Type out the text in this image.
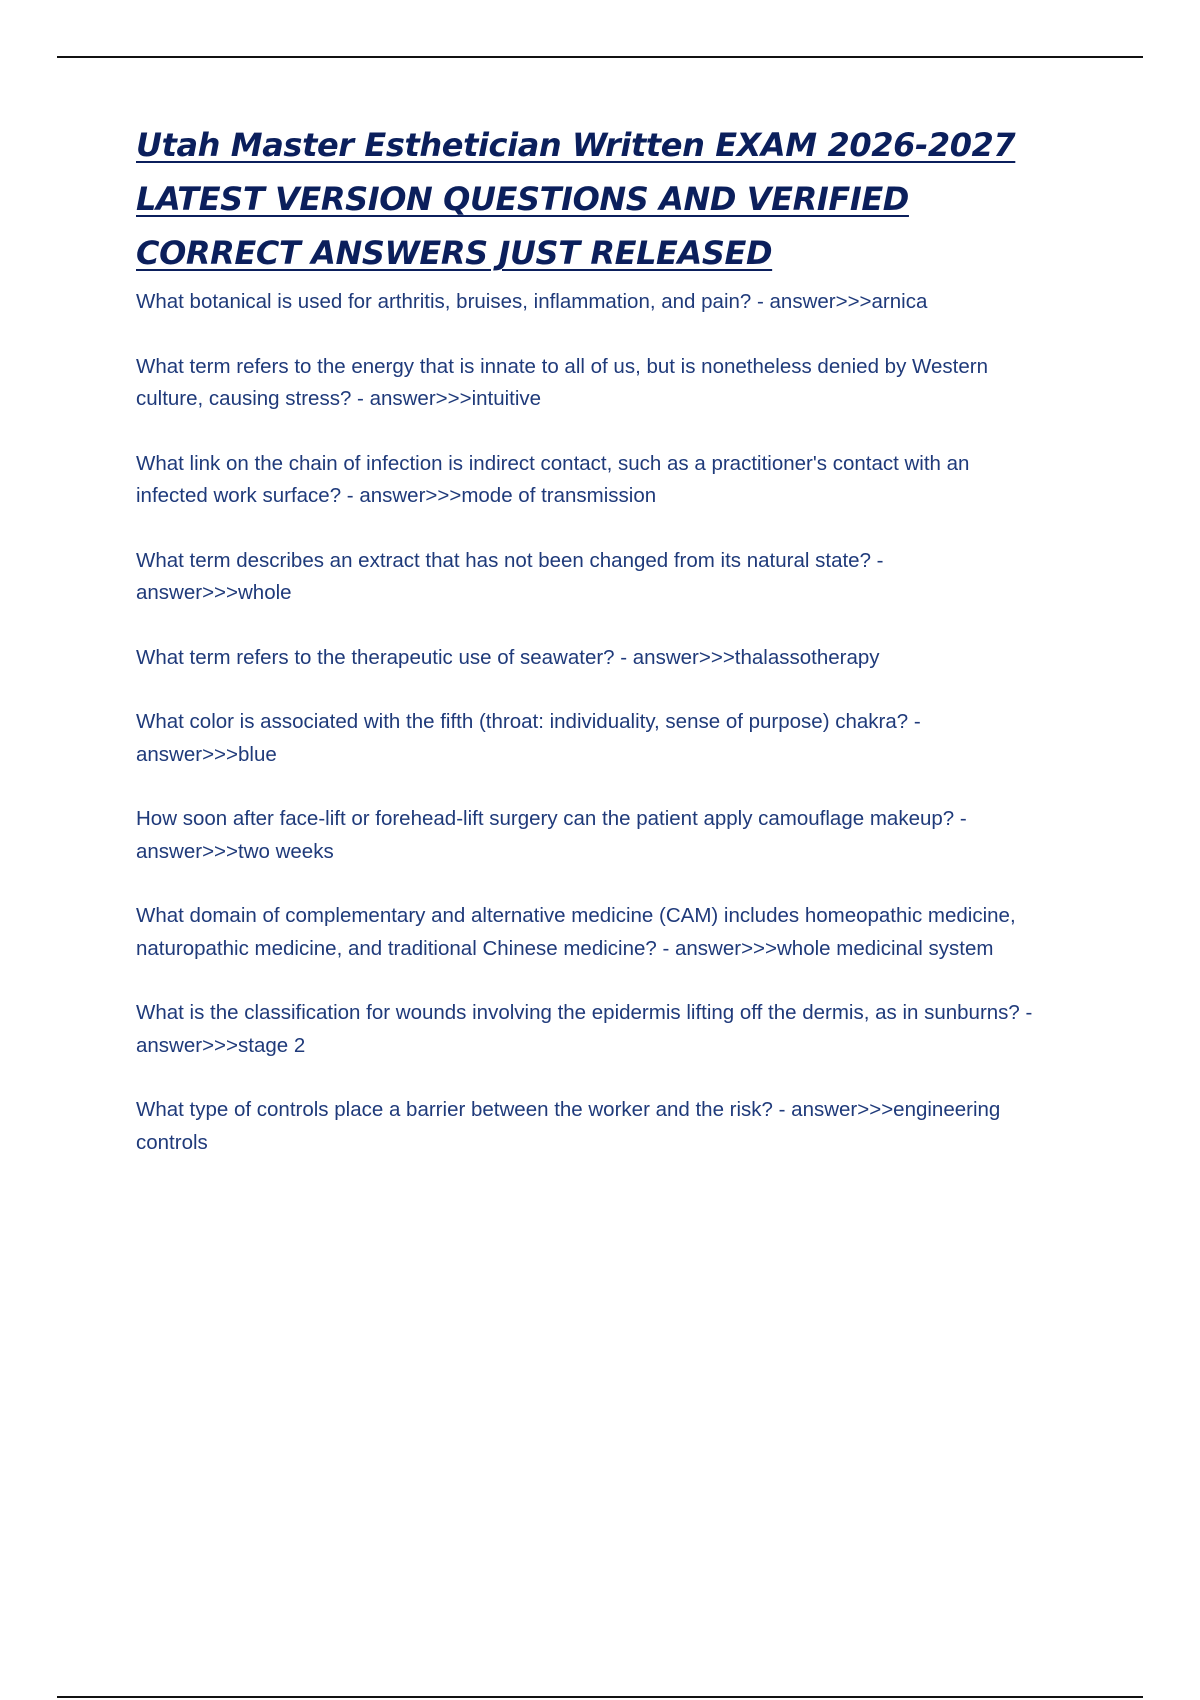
Utah Master Esthetician Written EXAM 2026-2027 LATEST VERSION QUESTIONS AND VERIFIED CORRECT ANSWERS JUST RELEASED

What botanical is used for arthritis, bruises, inflammation, and pain? - answer>>>arnica

What term refers to the energy that is innate to all of us, but is nonetheless denied by Western culture, causing stress? - answer>>>intuitive

What link on the chain of infection is indirect contact, such as a practitioner's contact with an infected work surface? - answer>>>mode of transmission

What term describes an extract that has not been changed from its natural state? - answer>>>whole

What term refers to the therapeutic use of seawater? - answer>>>thalassotherapy

What color is associated with the fifth (throat: individuality, sense of purpose) chakra? - answer>>>blue

How soon after face-lift or forehead-lift surgery can the patient apply camouflage makeup? - answer>>>two weeks

What domain of complementary and alternative medicine (CAM) includes homeopathic medicine, naturopathic medicine, and traditional Chinese medicine? - answer>>>whole medicinal system

What is the classification for wounds involving the epidermis lifting off the dermis, as in sunburns? - answer>>>stage 2

What type of controls place a barrier between the worker and the risk? - answer>>>engineering controls
